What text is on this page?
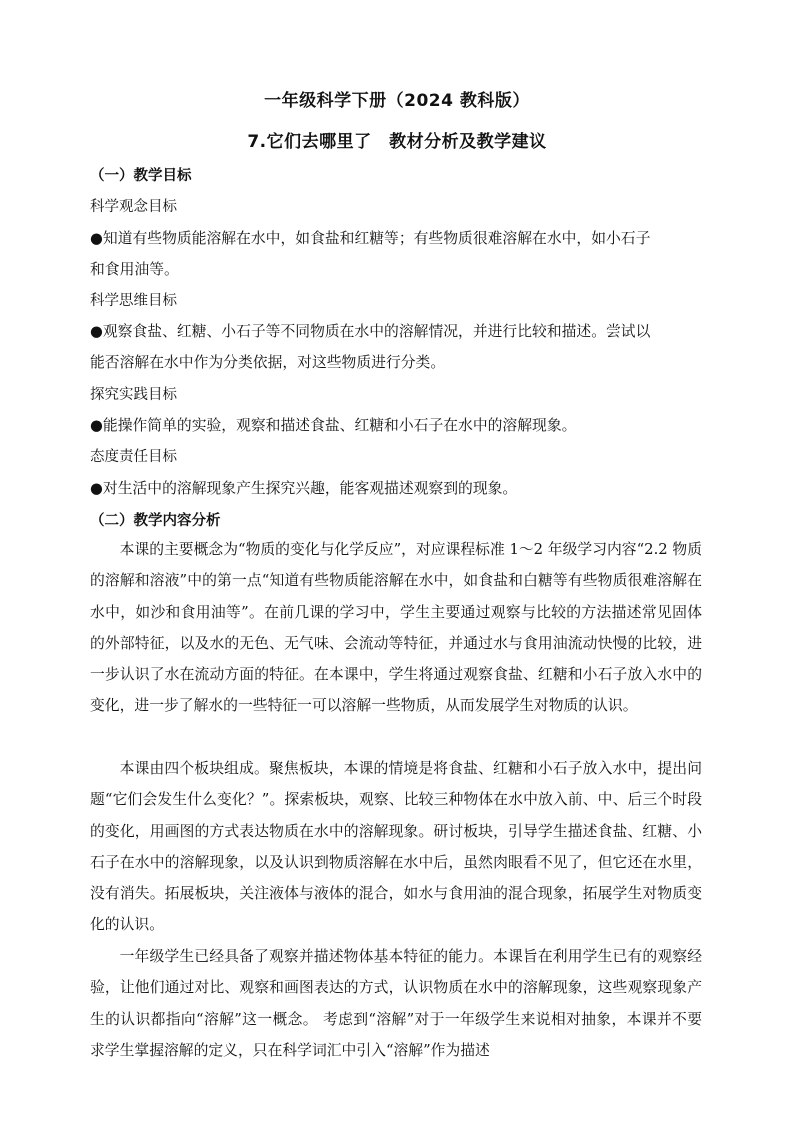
一年级科学下册（2024 教科版）
7.它们去哪里了　教材分析及教学建议
（一）教学目标
科学观念目标
●知道有些物质能溶解在水中，如食盐和红糖等；有些物质很难溶解在水中，如小石子
和食用油等。
科学思维目标
●观察食盐、红糖、小石子等不同物质在水中的溶解情况，并进行比较和描述。尝试以
能否溶解在水中作为分类依据，对这些物质进行分类。
探究实践目标
●能操作简单的实验，观察和描述食盐、红糖和小石子在水中的溶解现象。
态度责任目标
●对生活中的溶解现象产生探究兴趣，能客观描述观察到的现象。
（二）教学内容分析

本课的主要概念为“物质的变化与化学反应”，对应课程标准 1～2 年级学习内容“2.2 物质的溶解和溶液”中的第一点“知道有些物质能溶解在水中，如食盐和白糖等有些物质很难溶解在水中，如沙和食用油等”。在前几课的学习中，学生主要通过观察与比较的方法描述常见固体的外部特征，以及水的无色、无气味、会流动等特征，并通过水与食用油流动快慢的比较，进一步认识了水在流动方面的特征。在本课中，学生将通过观察食盐、红糖和小石子放入水中的变化，进一步了解水的一些特征一可以溶解一些物质，从而发展学生对物质的认识。

本课由四个板块组成。聚焦板块，本课的情境是将食盐、红糖和小石子放入水中，提出问题“它们会发生什么变化？”。探索板块，观察、比较三种物体在水中放入前、中、后三个时段的变化，用画图的方式表达物质在水中的溶解现象。研讨板块，引导学生描述食盐、红糖、小石子在水中的溶解现象，以及认识到物质溶解在水中后，虽然肉眼看不见了，但它还在水里，没有消失。拓展板块，关注液体与液体的混合，如水与食用油的混合现象，拓展学生对物质变化的认识。

一年级学生已经具备了观察并描述物体基本特征的能力。本课旨在利用学生已有的观察经验，让他们通过对比、观察和画图表达的方式，认识物质在水中的溶解现象，这些观察现象产生的认识都指向“溶解”这一概念。 考虑到“溶解”对于一年级学生来说相对抽象，本课并不要求学生掌握溶解的定义，只在科学词汇中引入“溶解”作为描述
